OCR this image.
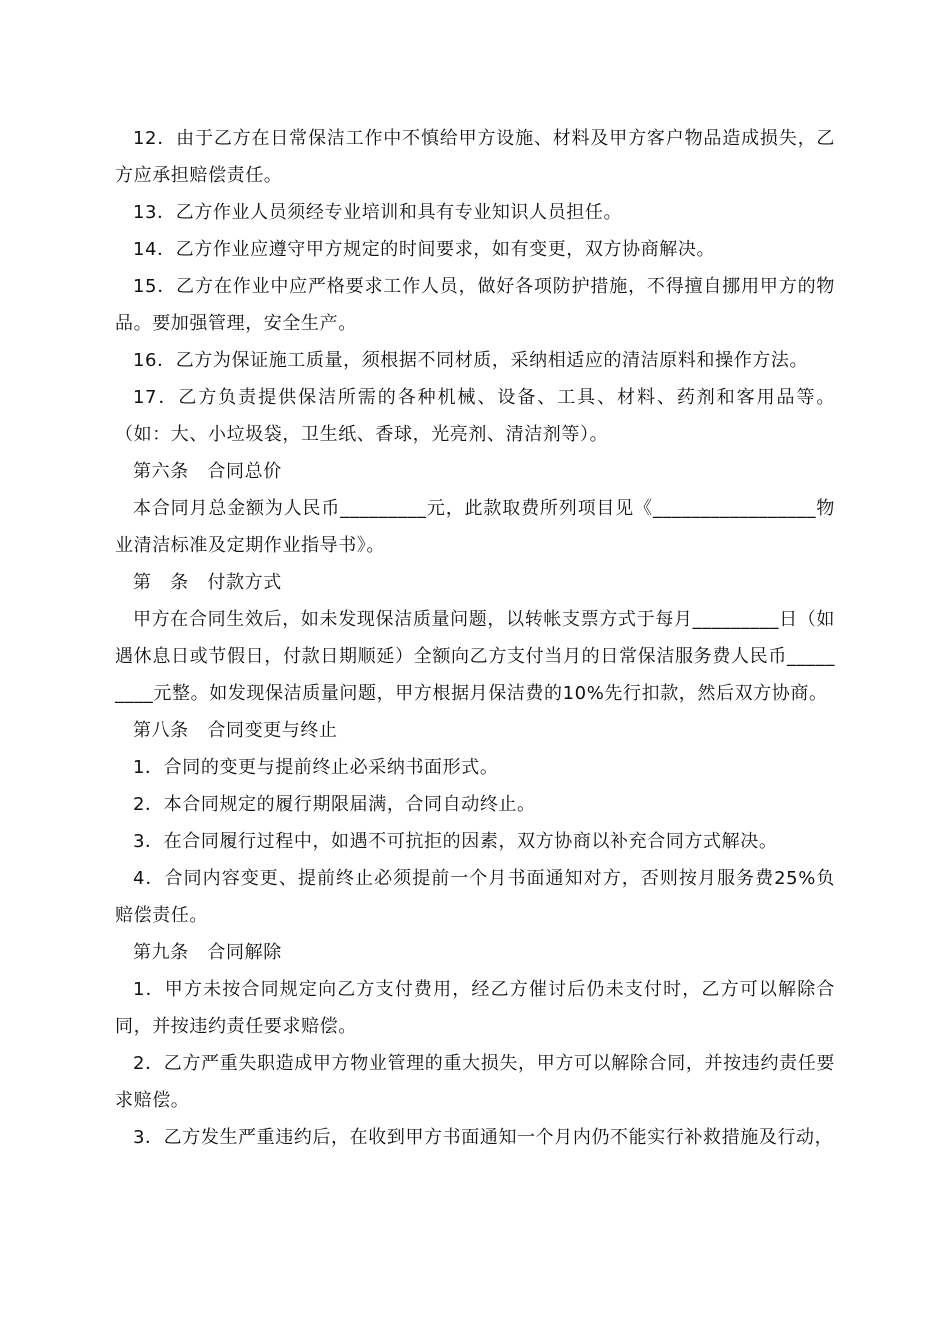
12．由于乙方在日常保洁工作中不慎给甲方设施、材料及甲方客户物品造成损失，乙方应承担赔偿责任。

13．乙方作业人员须经专业培训和具有专业知识人员担任。

14．乙方作业应遵守甲方规定的时间要求，如有变更，双方协商解决。

15．乙方在作业中应严格要求工作人员，做好各项防护措施，不得擅自挪用甲方的物品。要加强管理，安全生产。

16．乙方为保证施工质量，须根据不同材质，采纳相适应的清洁原料和操作方法。

17．乙方负责提供保洁所需的各种机械、设备、工具、材料、药剂和客用品等。（如：大、小垃圾袋，卫生纸、香球，光亮剂、清洁剂等）。

第六条　合同总价

本合同月总金额为人民币_________元，此款取费所列项目见《_________________物业清洁标准及定期作业指导书》。

第　条　付款方式

甲方在合同生效后，如未发现保洁质量问题，以转帐支票方式于每月_________日（如遇休息日或节假日，付款日期顺延）全额向乙方支付当月的日常保洁服务费人民币_________元整。如发现保洁质量问题，甲方根据月保洁费的10%先行扣款，然后双方协商。

第八条　合同变更与终止

1．合同的变更与提前终止必采纳书面形式。

2．本合同规定的履行期限届满，合同自动终止。

3．在合同履行过程中，如遇不可抗拒的因素，双方协商以补充合同方式解决。

4．合同内容变更、提前终止必须提前一个月书面通知对方，否则按月服务费25%负赔偿责任。

第九条　合同解除

1．甲方未按合同规定向乙方支付费用，经乙方催讨后仍未支付时，乙方可以解除合同，并按违约责任要求赔偿。

2．乙方严重失职造成甲方物业管理的重大损失，甲方可以解除合同，并按违约责任要求赔偿。

3．乙方发生严重违约后，在收到甲方书面通知一个月内仍不能实行补救措施及行动，
